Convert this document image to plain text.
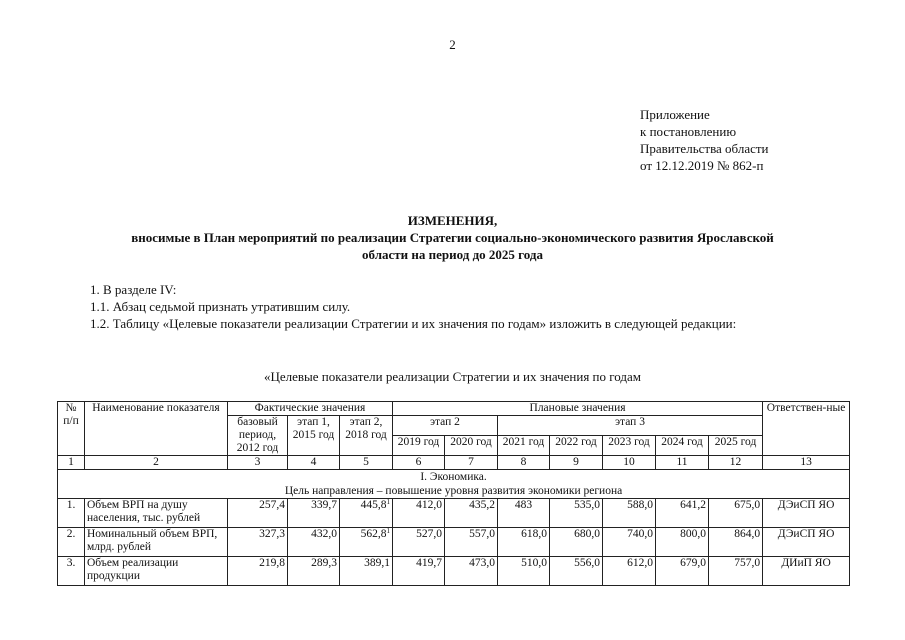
2
Приложение
к постановлению
Правительства области
от 12.12.2019 № 862-п
ИЗМЕНЕНИЯ,
вносимые в План мероприятий по реализации Стратегии социально-экономического развития Ярославской
области на период до 2025 года
1. В разделе IV:
1.1. Абзац седьмой признать утратившим силу.
1.2. Таблицу «Целевые показатели реализации Стратегии и их значения по годам» изложить в следующей редакции:
«Целевые показатели реализации Стратегии и их значения по годам
№ п/п	Наименование показателя	Фактические значения			Плановые значения							Ответствен-ные
		базовый период, 2012 год	этап 1, 2015 год	этап 2, 2018 год	этап 2		этап 3					
					2019 год	2020 год	2021 год	2022 год	2023 год	2024 год	2025 год	
1	2	3	4	5	6	7	8	9	10	11	12	13

I. Экономика.
Цель направления – повышение уровня развития экономики региона												

1.	Объем ВРП на душу населения, тыс. рублей	257,4	339,7	445,8$^1$	412,0	435,2	483	535,0	588,0	641,2	675,0	ДЭиСП ЯО
2.	Номинальный объем ВРП, млрд. рублей	327,3	432,0	562,8$^1$	527,0	557,0	618,0	680,0	740,0	800,0	864,0	ДЭиСП ЯО
3.	Объем реализации продукции	219,8	289,3	389,1	419,7	473,0	510,0	556,0	612,0	679,0	757,0	ДИиП ЯО
